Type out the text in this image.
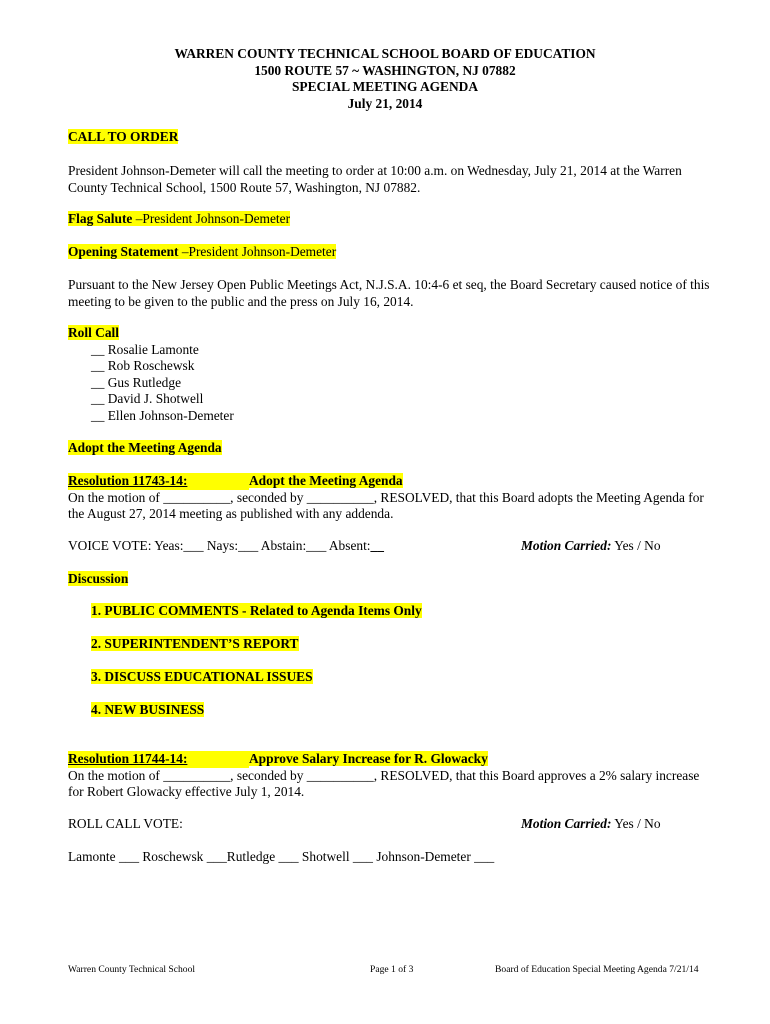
WARREN COUNTY TECHNICAL SCHOOL BOARD OF EDUCATION
1500 ROUTE 57 ~ WASHINGTON, NJ 07882
SPECIAL MEETING AGENDA
July 21, 2014
CALL TO ORDER
President Johnson-Demeter will call the meeting to order at 10:00 a.m. on Wednesday, July 21, 2014 at the Warren
County Technical School, 1500 Route 57, Washington, NJ 07882.
Flag Salute –President Johnson-Demeter
Opening Statement –President Johnson-Demeter
Pursuant to the New Jersey Open Public Meetings Act, N.J.S.A. 10:4-6 et seq, the Board Secretary caused notice of this
meeting to be given to the public and the press on July 16, 2014.
Roll Call
__ Rosalie Lamonte
__ Rob Roschewsk
__ Gus Rutledge
__ David J. Shotwell
__ Ellen Johnson-Demeter
Adopt the Meeting Agenda
Resolution 11743-14:	Adopt the Meeting Agenda
On the motion of __________, seconded by __________, RESOLVED, that this Board adopts the Meeting Agenda for
the August 27, 2014 meeting as published with any addenda.
VOICE VOTE: Yeas:___ Nays:___ Abstain:___ Absent:__	Motion Carried: Yes / No
Discussion
1. PUBLIC COMMENTS - Related to Agenda Items Only
2. SUPERINTENDENT’S REPORT
3. DISCUSS EDUCATIONAL ISSUES
4. NEW BUSINESS
Resolution 11744-14:	Approve Salary Increase for R. Glowacky
On the motion of __________, seconded by __________, RESOLVED, that this Board approves a 2% salary increase
for Robert Glowacky effective July 1, 2014.
ROLL CALL VOTE:	Motion Carried: Yes / No
Lamonte ___ Roschewsk ___Rutledge ___ Shotwell ___ Johnson-Demeter ___
Warren County Technical School	Page 1 of 3	Board of Education Special Meeting Agenda 7/21/14
